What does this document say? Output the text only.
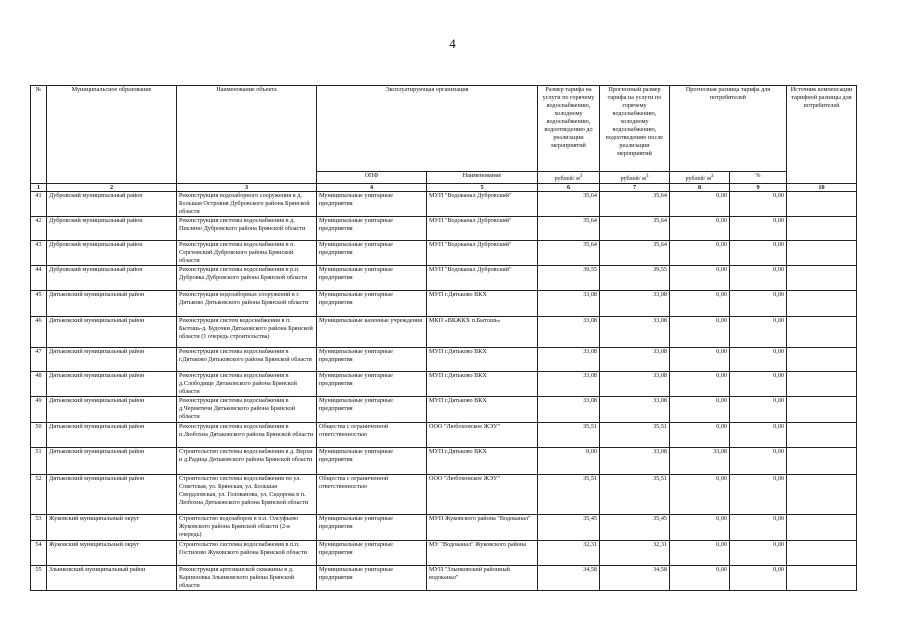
4
№	Муниципальсное образование	Наименование объекта	Эксплуатирующая организация		Размер тарифа на услуги по горячему водоснабжению, холодному водоснабжению, водоотведению до реализации мероприятий	Прогнозный размер тарифа на услуги по горячему водоснабжению, холодному водоснабжению, водоотведению после реализации мероприятий	Прогнозная разница тарифа для потребителей		Источник компенсации тарифной разницы для потребителей
			ОПФ	Наименование	рублей/ $м^3$	рублей/ $м^3$	рублей/ $м^3$	%	
1	2	3	4	5	6	7	8	9	10
41	Дубровский муниципальный район	Реконструкция водозаборного сооружения в д. Большая Островня Дубровского района Брянской области	Муниципальные унитарные предприятия	МУП "Водоканал Дубровский"	35,64	35,64	0,00	0,00	
42	Дубровский муниципальный район	Реконструкция системы водоснабжения в д. Пеклино Дубровского района Брянской области	Муниципальные унитарные предприятия	МУП "Водоканал Дубровский"	35,64	35,64	0,00	0,00	
43	Дубровский муниципальный район	Реконструкция системы водоснабжения в п. Сергеевский Дубровского района Брянской области	Муниципальные унитарные предприятия	МУП "Водоканал Дубровский"	35,64	35,64	0,00	0,00	
44	Дубровский муниципальный район	Реконструкция системы водоснабжения в р.п. Дубровка Дубровского района Брянской области	Муниципальные унитарные предприятия	МУП "Водоканал Дубровский"	39,55	39,55	0,00	0,00	
45	Дятьковский муниципальный район	Реконструкция водозаборных сооружений в г. Дятьково Дятьковского района Брянской области	Муниципальные унитарные предприятия	МУП г.Дятьково ВКХ	33,08	33,08	0,00	0,00	
46	Дятьковский муниципальный район	Реконструкция систем водоснабжения в п. Бытошь-д. Будочки Дятьковского района Брянской области (1 очередь строительства)	Муниципальные казенные учреждения	МКП «ВКЖКХ п.Бытошь»	33,08	33,08	0,00	0,00	
47	Дятьковский муниципальный район	Реконструкция системы водоснабжения в г.Дятьково Дятьковского района Брянской области	Муниципальные унитарные предприятия	МУП г.Дятьково ВКХ	33,08	33,08	0,00	0,00	
48	Дятьковский муниципальный район	Реконструкция системы водоснабжения в д.Слободище Дятьковского района Брянской области	Муниципальные унитарные предприятия	МУП г.Дятьково ВКХ	33,08	33,08	0,00	0,00	
49	Дятьковский муниципальный район	Реконструкция системы водоснабжения в д.Чернятичи Дятьковского района Брянской области	Муниципальные унитарные предприятия	МУП г.Дятьково ВКХ	33,08	33,08	0,00	0,00	
50	Дятьковский муниципальный район	Реконструкция системы водоснабжения в п.Любохна Дятьковского района Брянской области	Общества с ограниченной ответственностью	ООО "Любохонское ЖЭУ"	35,51	35,51	0,00	0,00	
51	Дятьковский муниципальный район	Строительство системы водоснабжения в д. Верхи и д.Радица Дятьковского района Брянской области	Муниципальные унитарные предприятия	МУП г.Дятьково ВКХ	0,00	33,08	33,08	0,00	
52	Дятьковский муниципальный район	Строительство системы водоснабжения по ул. Советская, ул. Брянская, ул. Большая Свердловская, ул. Голованова, ул. Сидорова в п. Любохна Дятьковского района Брянской области	Общества с ограниченной ответственностью	ООО "Любохонское ЖЭУ"	35,51	35,51	0,00	0,00	
53	Жуковский муниципальный округ	Строительство водозаборов в п.п. Олсуфьево Жуковского района Брянской области (2-я очередь)	Муниципальные унитарные предприятия	МУП Жуковского района "Водоканал"	35,45	35,45	0,00	0,00	
54	Жуковский муниципальный округ	Строительство системы водоснабжения в п.п. Гостилово Жуковского района Брянской области	Муниципальные унитарные предприятия	МУ "Водоканал" Жуковского района	32,31	32,31	0,00	0,00	
55	Злынковский муниципальный район	Реконструкция артезианской скважины в д. Карпиловка Злынковского района Брянской области	Муниципальные унитарные предприятия	МУП "Злынковский районный водоканал"	34,58	34,58	0,00	0,00	
